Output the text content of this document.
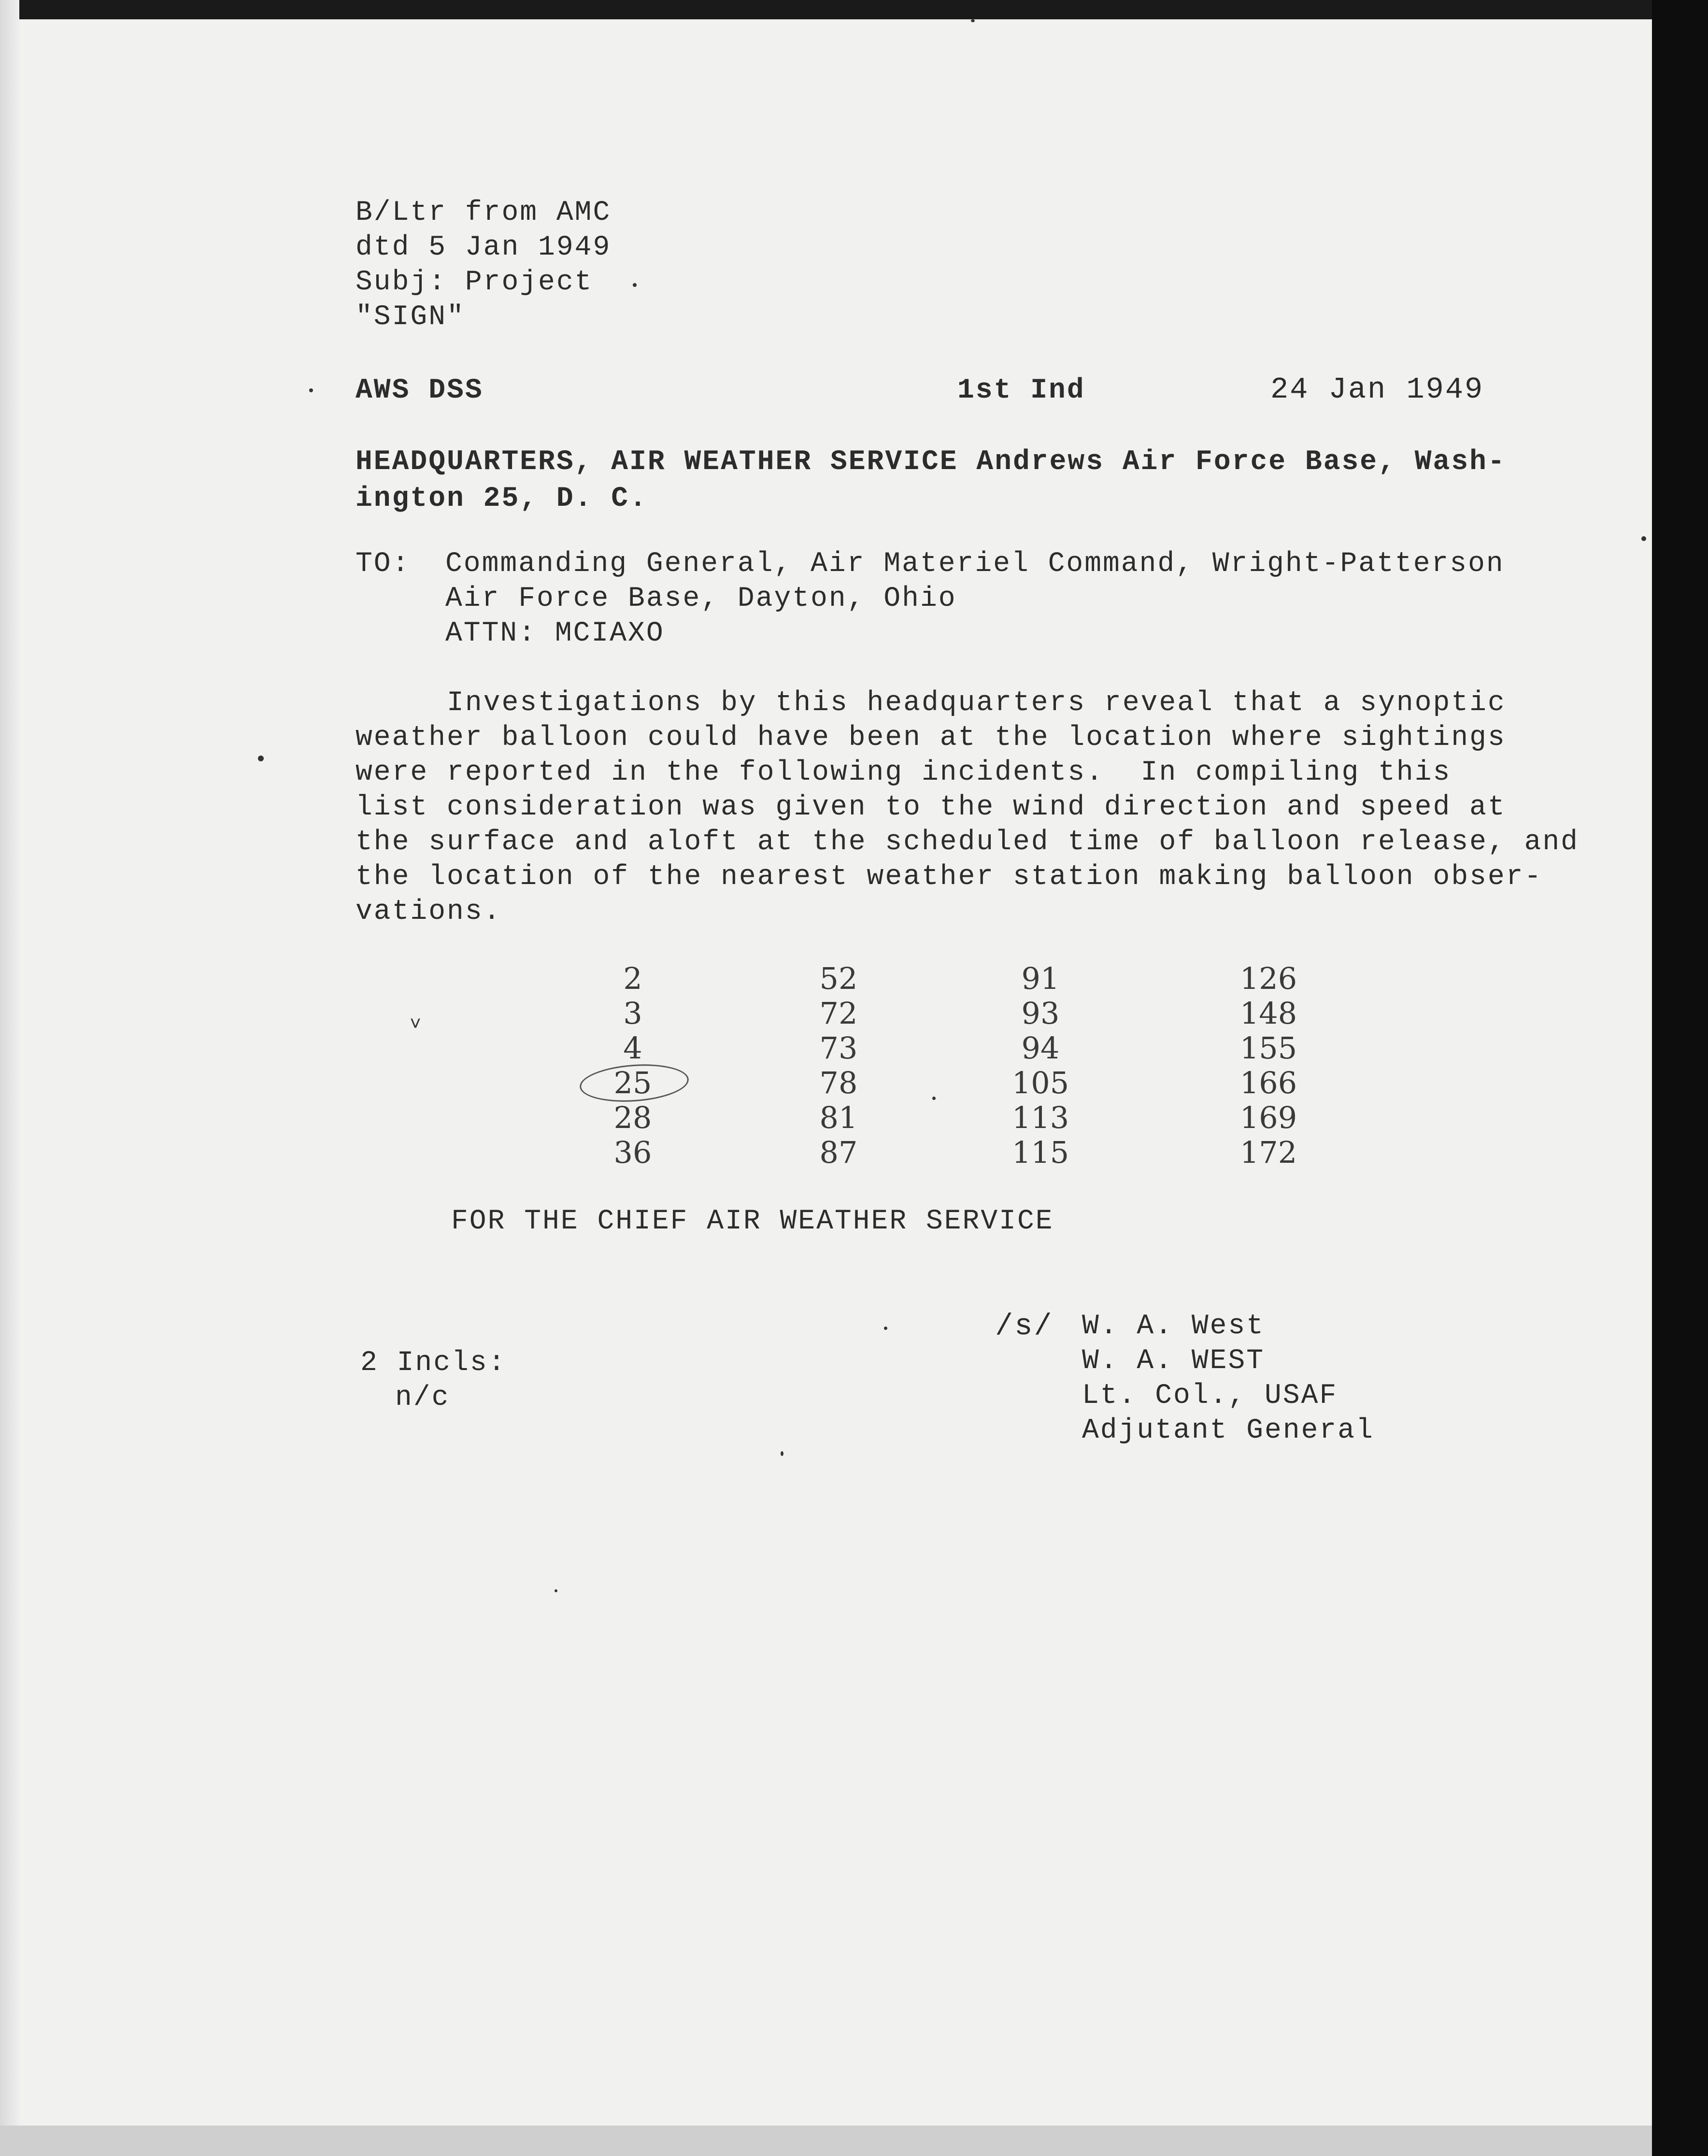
B/Ltr from AMC
dtd 5 Jan 1949
Subj: Project
"SIGN"
AWS DSS	1st Ind	24 Jan 1949
HEADQUARTERS, AIR WEATHER SERVICE Andrews Air Force Base, Wash-
ington 25, D. C.
TO: Commanding General, Air Materiel Command, Wright-Patterson
Air Force Base, Dayton, Ohio
ATTN: MCIAXO
Investigations by this headquarters reveal that a synoptic
weather balloon could have been at the location where sightings
were reported in the following incidents.  In compiling this
list consideration was given to the wind direction and speed at
the surface and aloft at the scheduled time of balloon release, and
the location of the nearest weather station making balloon obser-
vations.
2
3
4
25
28
36
52
72
73
78
81
87
91
93
94
105
113
115
126
148
155
166
169
172
˅
FOR THE CHIEF AIR WEATHER SERVICE
/s/ W. A. West
W. A. WEST
Lt. Col., USAF
Adjutant General
2 Incls:
n/c
